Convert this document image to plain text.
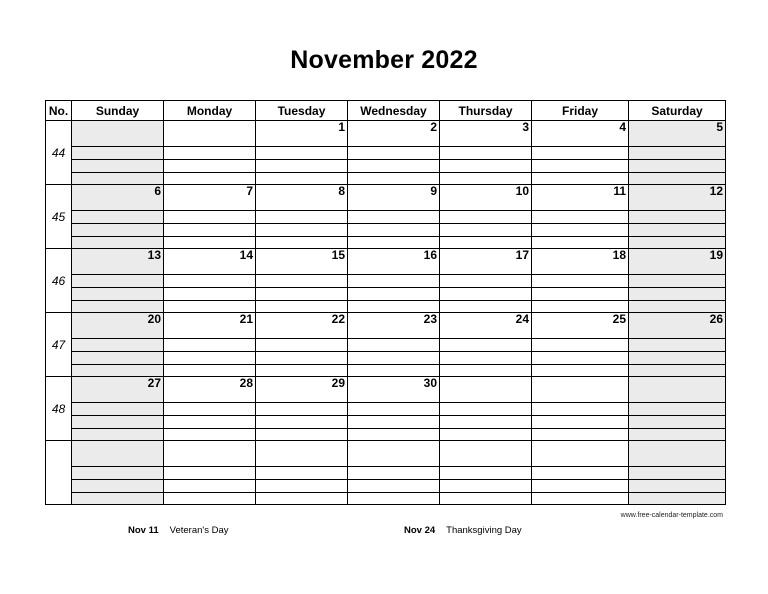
November 2022
No.	Sunday	Monday	Tuesday	Wednesday	Thursday	Friday	Saturday
44			1	2	3	4	5

45	6	7	8	9	10	11	12

46	13	14	15	16	17	18	19

47	20	21	22	23	24	25	26

48	27	28	29	30			

www.free-calendar-template.com
Nov 11 Veteran's Day	Nov 24 Thanksgiving Day
